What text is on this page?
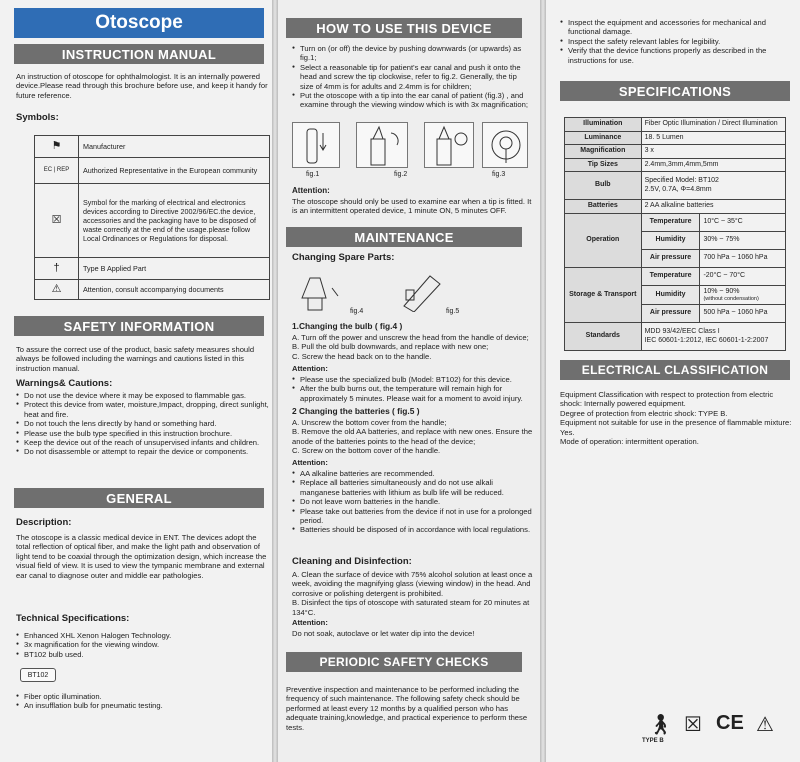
Otoscope
INSTRUCTION MANUAL
An instruction of otoscope for ophthalmologist. It is an internally powered device.Please read through this brochure before use, and keep it handy for future reference.
Symbols:
⚑	Manufacturer
EC | REP	Authorized Representative in the European community
☒	Symbol for the marking of electrical and electronics devices according to Directive 2002/96/EC.the device, accessories and the packaging have to be disposed of waste correctly at the end of the usage.please follow Local Ordinances or Regulations for disposal.
†	Type B Applied Part
⚠	Attention, consult accompanying documents
SAFETY INFORMATION
To assure the correct use of the product, basic safety measures should always be followed including the warnings and cautions listed in this instruction manual.
Warnings& Cautions:
● Do not use the device where it may be exposed to flammable gas.
● Protect this device from water, moisture,Impact, dropping, direct sunlight, heat and fire.
● Do not touch the lens directly by hand or something hard.
● Please use the bulb type specified in this instruction brochure.
● Keep the device out of the reach of unsupervised infants and children.
● Do not disassemble or attempt to repair the device or components.
GENERAL
Description:
The otoscope is a classic medical device in ENT. The devices adopt the total reflection of optical fiber, and make the light path and observation of light tend to be coaxial through the optimization design, which increase the visual field of view. It is used to view the tympanic membrane and external ear canal to diagnose outer and middle ear pathologies.
Technical Specifications:
● Enhanced XHL Xenon Halogen Technology.
● 3x magnification for the viewing window.
● BT102 bulb used.
BT102
● Fiber optic illumination.
● An insufflation bulb for pneumatic testing.
HOW TO USE THIS DEVICE
● Turn on (or off) the device by pushing downwards (or upwards) as fig.1;
● Select a reasonable tip for patient's ear canal and push it onto the head and screw the tip clockwise, refer to fig.2. Generally, the tip size of 4mm is for adults and 2.4mm is for children;
● Put the otoscope with a tip into the ear canal of patient (fig.3) , and examine through the viewing window which is with 3x magnification;
fig.1	fig.2	fig.3
Attention:
The otoscope should only be used to examine ear when a tip is fitted. It is an intermittent operated device, 1 minute ON, 5 minutes OFF.
MAINTENANCE
Changing Spare Parts:
fig.4	fig.5
1.Changing the bulb ( fig.4 )
A. Turn off the power and unscrew the head from the handle of device;
B. Pull the old bulb downwards, and replace with new one;
C. Screw the head back on to the handle.
Attention:
● Please use the specialized bulb (Model: BT102) for this device.
● After the bulb burns out, the temperature will remain high for approximately 5 minutes. Please wait for a moment to avoid injury.
2 Changing the batteries ( fig.5 )
A. Unscrew the bottom cover from the handle;
B. Remove the old AA batteries, and replace with new ones. Ensure the anode of the batteries points to the head of the device;
C. Screw on the bottom cover of the handle.
Attention:
● AA alkaline batteries are recommended.
● Replace all batteries simultaneously and do not use alkali manganese batteries with lithium as bulb life will be reduced.
● Do not leave worn batteries in the handle.
● Please take out batteries from the device if not in use for a prolonged period.
● Batteries should be disposed of in accordance with local regulations.
Cleaning and Disinfection:
A. Clean the surface of device with 75% alcohol solution at least once a week, avoiding the magnifying glass (viewing window) in the head. And corrosive or polishing detergent is prohibited.
B. Disinfect the tips of otoscope with saturated steam for 20 minutes at 134°C.
Attention:
Do not soak, autoclave or let water dip into the device!
PERIODIC SAFETY CHECKS
Preventive inspection and maintenance to be performed including the frequency of such maintenance. The following safety check should be performed at least every 12 months by a qualified person who has adequate training,knowledge, and practical experience to perform these tests.
● Inspect the equipment and accessories for mechanical and functional damage.
● Inspect the safety relevant lables for legibility.
● Verify that the device functions properly as described in the instructions for use.
SPECIFICATIONS
Illumination	Fiber Optic Illumination / Direct Illumination	
Luminance	18. 5 Lumen	
Magnification	3 x	
Tip Sizes	2.4mm,3mm,4mm,5mm	
Bulb	Specified Model: BT102
2.5V, 0.7A, Φ=4.8mm	

Batteries	2 AA alkaline batteries	
Operation	Temperature	10°C ~ 35°C
	Humidity	30% ~ 75%
	Air pressure	700 hPa ~ 1060 hPa
Storage & Transport	Temperature	-20°C ~ 70°C
	Humidity	10% ~ 90%
(without condensation)

	Air pressure	500 hPa ~ 1060 hPa
Standards	MDD 93/42/EEC Class I
IEC 60601-1:2012, IEC 60601-1-2:2007	
ELECTRICAL CLASSIFICATION
Equipment Classification with respect to protection from electric shock: Internally powered equipment.
Degree of protection from electric shock: TYPE B.
Equipment not suitable for use in the presence of flammable mixture: Yes.
Mode of operation: intermittent operation.
🚶︎
TYPE B
☒ CE ⚠
